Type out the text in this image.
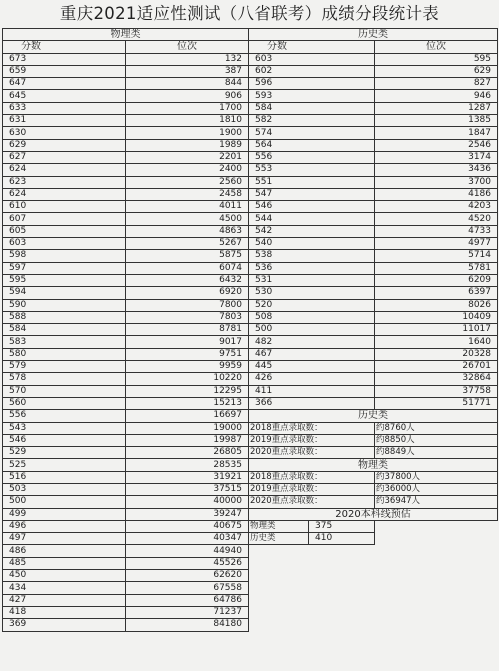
重庆2021适应性测试（八省联考）成绩分段统计表
物理类		历史类		
分数	位次	分数		位次
673	132	603		595
659	387	602		629
647	844	596		827
645	906	593		946
633	1700	584		1287
631	1810	582		1385
630	1900	574		1847
629	1989	564		2546
627	2201	556		3174
624	2400	553		3436
623	2560	551		3700
624	2458	547		4186
610	4011	546		4203
607	4500	544		4520
605	4863	542		4733
603	5267	540		4977
598	5875	538		5714
597	6074	536		5781
595	6432	531		6209
594	6920	530		6397
590	7800	520		8026
588	7803	508		10409
584	8781	500		11017
583	9017	482		1640
580	9751	467		20328
579	9959	445		26701
578	10220	426		32864
570	12295	411		37758
560	15213	366		51771
556	16697	历史类		
543	19000	2018重点录取数：		约8760人
546	19987	2019重点录取数：		约8850人
529	26805	2020重点录取数：		约8849人
525	28535	物理类		
516	31921	2018重点录取数：		约37800人
503	37515	2019重点录取数：		约36000人
500	40000	2020重点录取数：		约36947人
499	39247	2020本科线预估		
496	40675	物理类	375	
497	40347	历史类	410	
486	44940			
485	45526			
450	62620			
434	67558			
427	64786			
418	71237			
369	84180			
